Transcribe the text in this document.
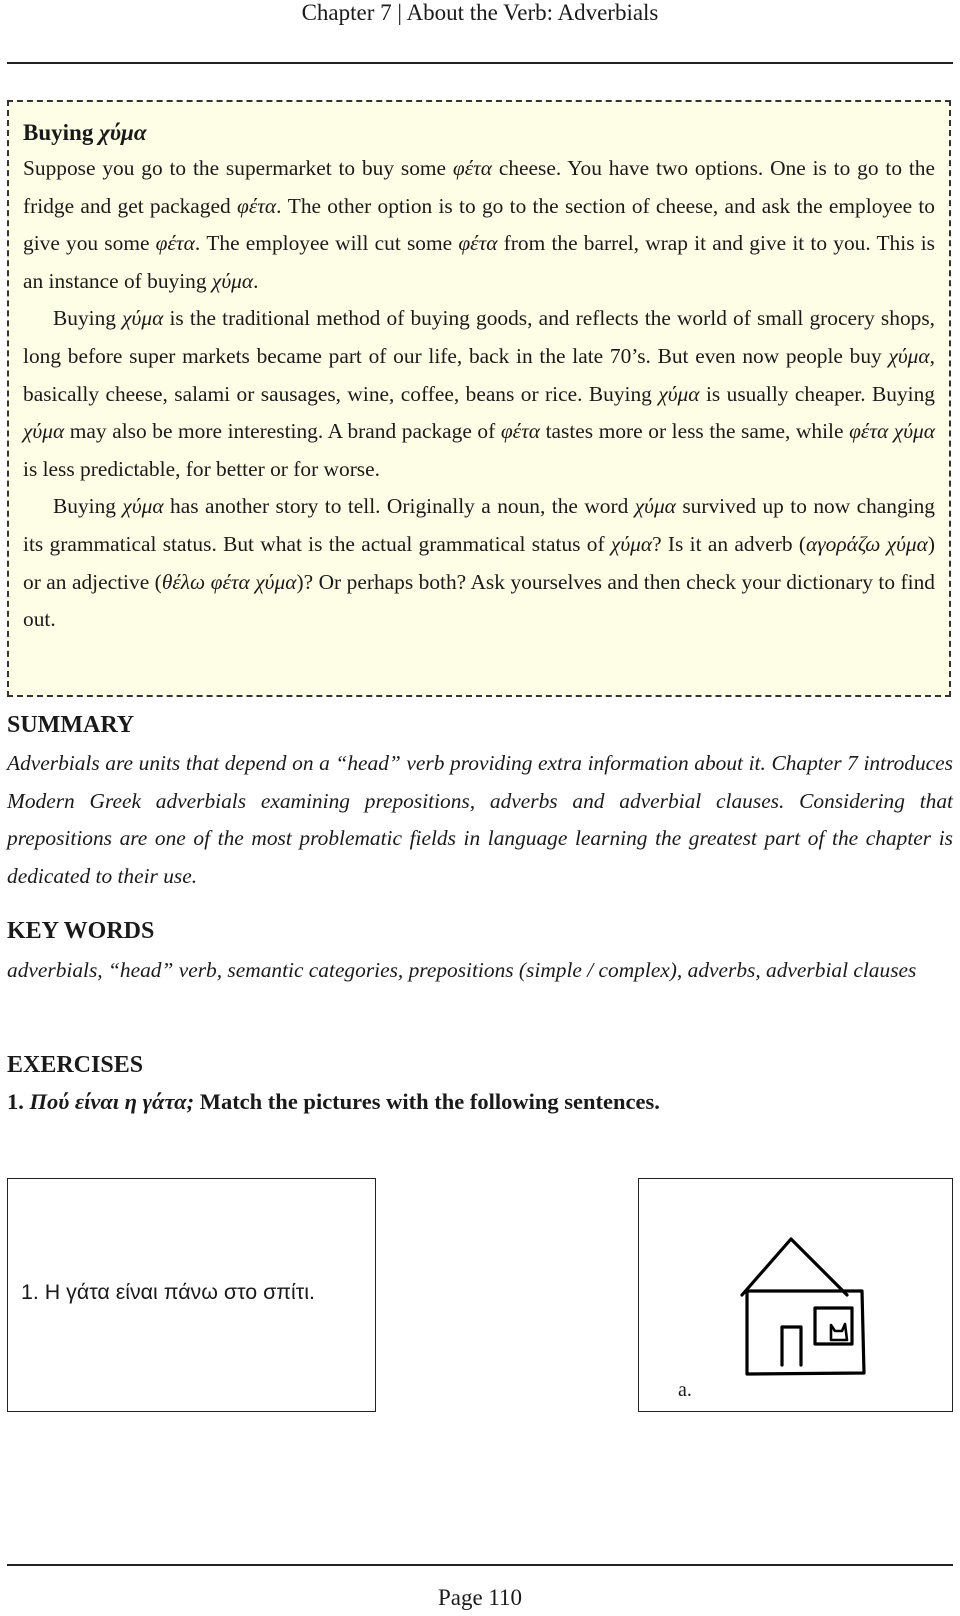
Chapter 7 | About the Verb: Adverbials
Buying χύμα

Suppose you go to the supermarket to buy some φέτα cheese. You have two options. One is to go to the fridge and get packaged φέτα. The other option is to go to the section of cheese, and ask the employee to give you some φέτα. The employee will cut some φέτα from the barrel, wrap it and give it to you. This is an instance of buying χύμα.

Buying χύμα is the traditional method of buying goods, and reflects the world of small grocery shops, long before super markets became part of our life, back in the late 70’s. But even now people buy χύμα, basically cheese, salami or sausages, wine, coffee, beans or rice. Buying χύμα is usually cheaper. Buying χύμα may also be more interesting. A brand package of φέτα tastes more or less the same, while φέτα χύμα is less predictable, for better or for worse.

Buying χύμα has another story to tell. Originally a noun, the word χύμα survived up to now changing its grammatical status. But what is the actual grammatical status of χύμα? Is it an adverb (αγοράζω χύμα) or an adjective (θέλω φέτα χύμα)? Or perhaps both? Ask yourselves and then check your dictionary to find out.

SUMMARY
Adverbials are units that depend on a “head” verb providing extra information about it. Chapter 7 introduces Modern Greek adverbials examining prepositions, adverbs and adverbial clauses. Considering that prepositions are one of the most problematic fields in language learning the greatest part of the chapter is dedicated to their use.
KEY WORDS
adverbials, “head” verb, semantic categories, prepositions (simple / complex), adverbs, adverbial clauses
EXERCISES
1. Πού είναι η γάτα; Match the pictures with the following sentences.
1. Η γάτα είναι πάνω στο σπίτι.
a.
Page 110
